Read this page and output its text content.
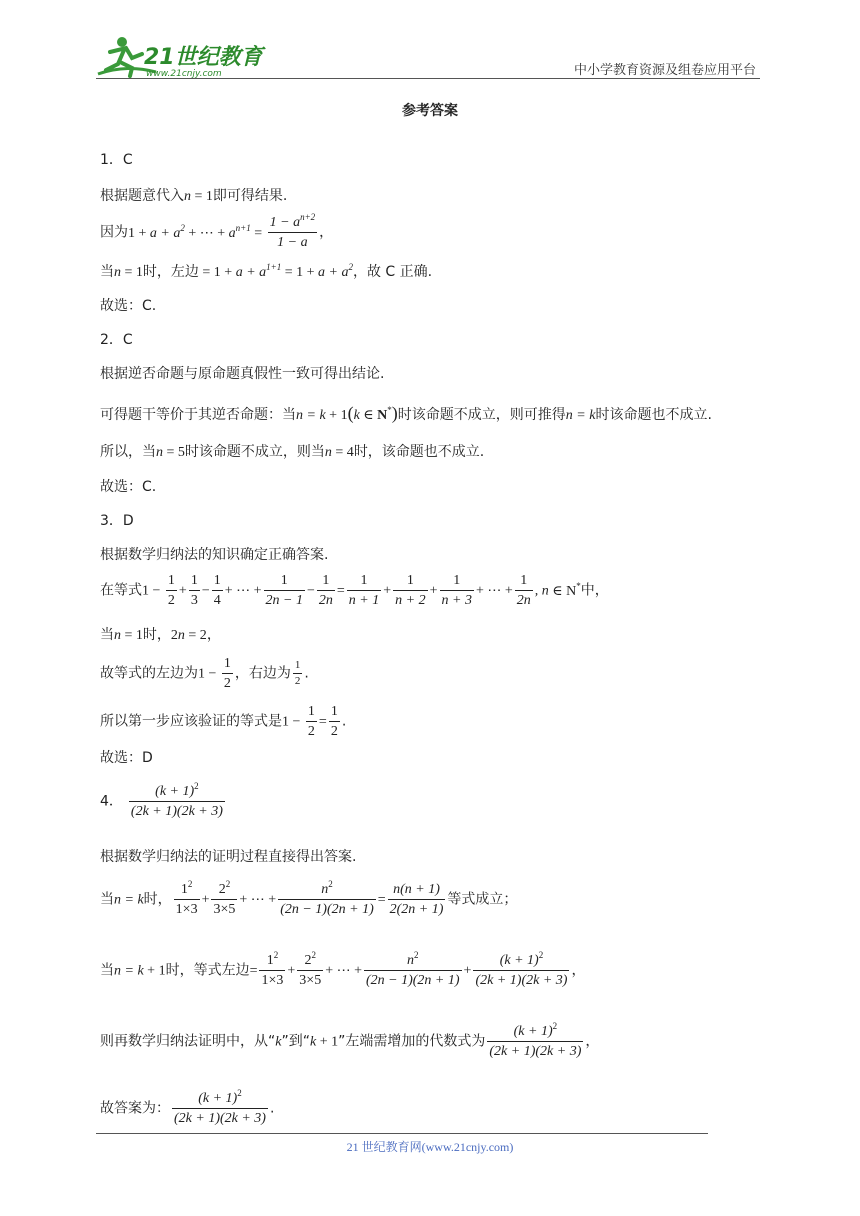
21世纪教育
www.21cnjy.com	中小学教育资源及组卷应用平台
参考答案
1．C
根据题意代入n = 1即可得结果.
因为$1 + a + a^2$ + ⋯ + $a^{n+1} = \frac{1 - a^{n+2}}{1 - a}$ ，
当n = 1时，左边 = $1 + a + a^{1+1} = 1 + a + a^2$，故 C 正确.
故选：C.
2．C
根据逆否命题与原命题真假性一致可得出结论.
可得题干等价于其逆否命题：当n = k + 1(k ∈ N*)时该命题不成立，则可推得n = k时该命题也不成立.
所以，当n = 5时该命题不成立，则当n = 4时，该命题也不成立.
故选：C.
3．D
根据数学归纳法的知识确定正确答案.
在等式$1 - \frac{1}{2} + \frac{1}{3} - \frac{1}{4}$ + ⋯ + $\frac{1}{2n - 1} - \frac{1}{2n} = \frac{1}{n + 1} + \frac{1}{n + 2} + \frac{1}{n + 3}$ + ⋯ + $\frac{1}{2n}$ , n ∈ N*中，
当n = 1时，2n = 2，
故等式的左边为$1 - \frac{1}{2}$ ，右边为 $\frac{1}{2}$ .
所以第一步应该验证的等式是$1 - \frac{1}{2} = \frac{1}{2}$ .
故选：D
4． $\frac{(k + 1)^2}{(2k + 1)(2k + 3)}$
根据数学归纳法的证明过程直接得出答案.
当n = k时， $\frac{1^2}{1\times 3} + \frac{2^2}{3\times 5}$ + ⋯ + $\frac{n^2}{(2n - 1)(2n + 1)} = \frac{n(n + 1)}{2(2n + 1)}$ 等式成立；
当n = k + 1时，等式左边= $\frac{1^2}{1\times 3} + \frac{2^2}{3\times 5}$ + ⋯ + $\frac{n^2}{(2n - 1)(2n + 1)} + \frac{(k + 1)^2}{(2k + 1)(2k + 3)}$ ，
则再数学归纳法证明中，从“k”到“k + 1”左端需增加的代数式为 $\frac{(k + 1)^2}{(2k + 1)(2k + 3)}$ ，
故答案为： $\frac{(k + 1)^2}{(2k + 1)(2k + 3)}$ .
21 世纪教育网(www.21cnjy.com)
